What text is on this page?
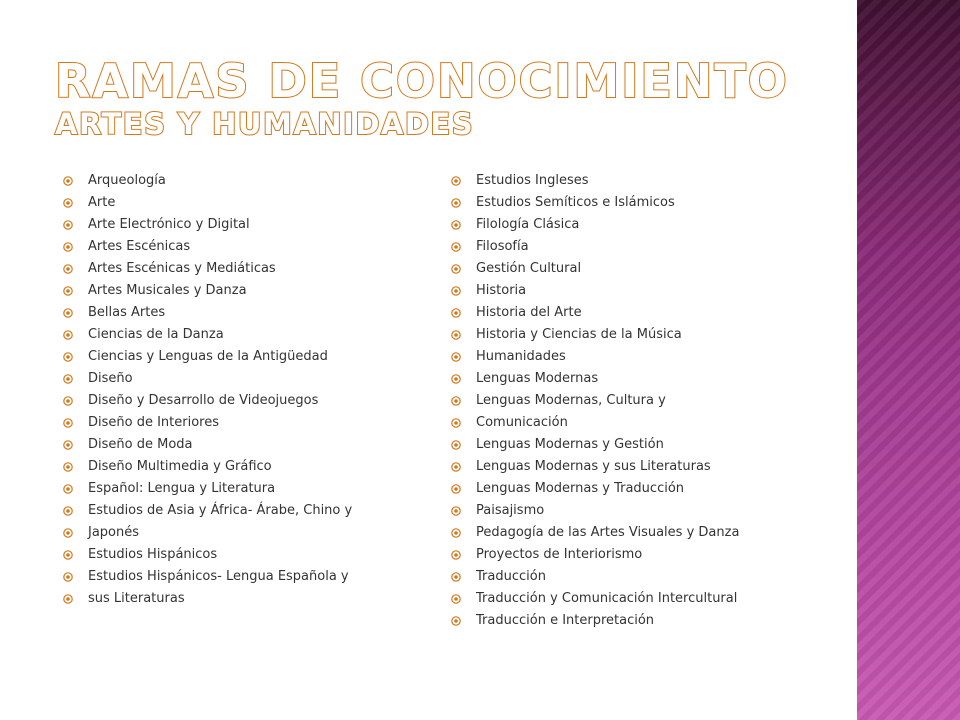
RAMAS DE CONOCIMIENTO
ARTES Y HUMANIDADES
Arqueología
Arte
Arte Electrónico y Digital
Artes Escénicas
Artes Escénicas y Mediáticas
Artes Musicales y Danza
Bellas Artes
Ciencias de la Danza
Ciencias y Lenguas de la Antigüedad
Diseño
Diseño y Desarrollo de Videojuegos
Diseño de Interiores
Diseño de Moda
Diseño Multimedia y Gráfico
Español: Lengua y Literatura
Estudios de Asia y África- Árabe, Chino y
Japonés
Estudios Hispánicos
Estudios Hispánicos- Lengua Española y
sus Literaturas
Estudios Ingleses
Estudios Semíticos e Islámicos
Filología Clásica
Filosofía
Gestión Cultural
Historia
Historia del Arte
Historia y Ciencias de la Música
Humanidades
Lenguas Modernas
Lenguas Modernas, Cultura y
Comunicación
Lenguas Modernas y Gestión
Lenguas Modernas y sus Literaturas
Lenguas Modernas y Traducción
Paisajismo
Pedagogía de las Artes Visuales y Danza
Proyectos de Interiorismo
Traducción
Traducción y Comunicación Intercultural
Traducción e Interpretación
